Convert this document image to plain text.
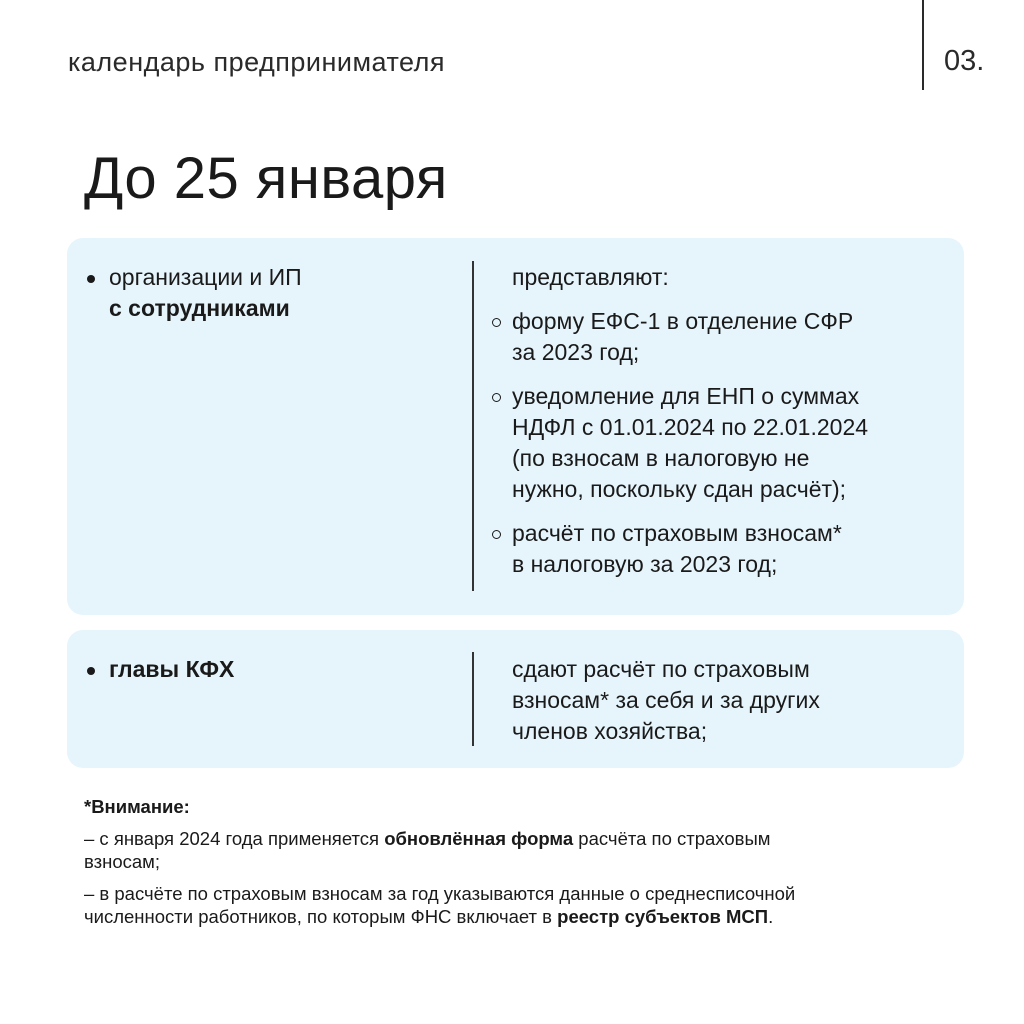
календарь предпринимателя	03.
До 25 января
организации и ИП
с сотрудниками
представляют:
форму ЕФС-1 в отделение СФР
за 2023 год;
уведомление для ЕНП о суммах
НДФЛ с 01.01.2024 по 22.01.2024
(по взносам в налоговую не
нужно, поскольку сдан расчёт);
расчёт по страховым взносам*
в налоговую за 2023 год;
главы КФХ	сдают расчёт по страховым
взносам* за себя и за других
членов хозяйства;
*Внимание:
– с января 2024 года применяется обновлённая форма расчёта по страховым
взносам;
– в расчёте по страховым взносам за год указываются данные о среднесписочной
численности работников, по которым ФНС включает в реестр субъектов МСП.
